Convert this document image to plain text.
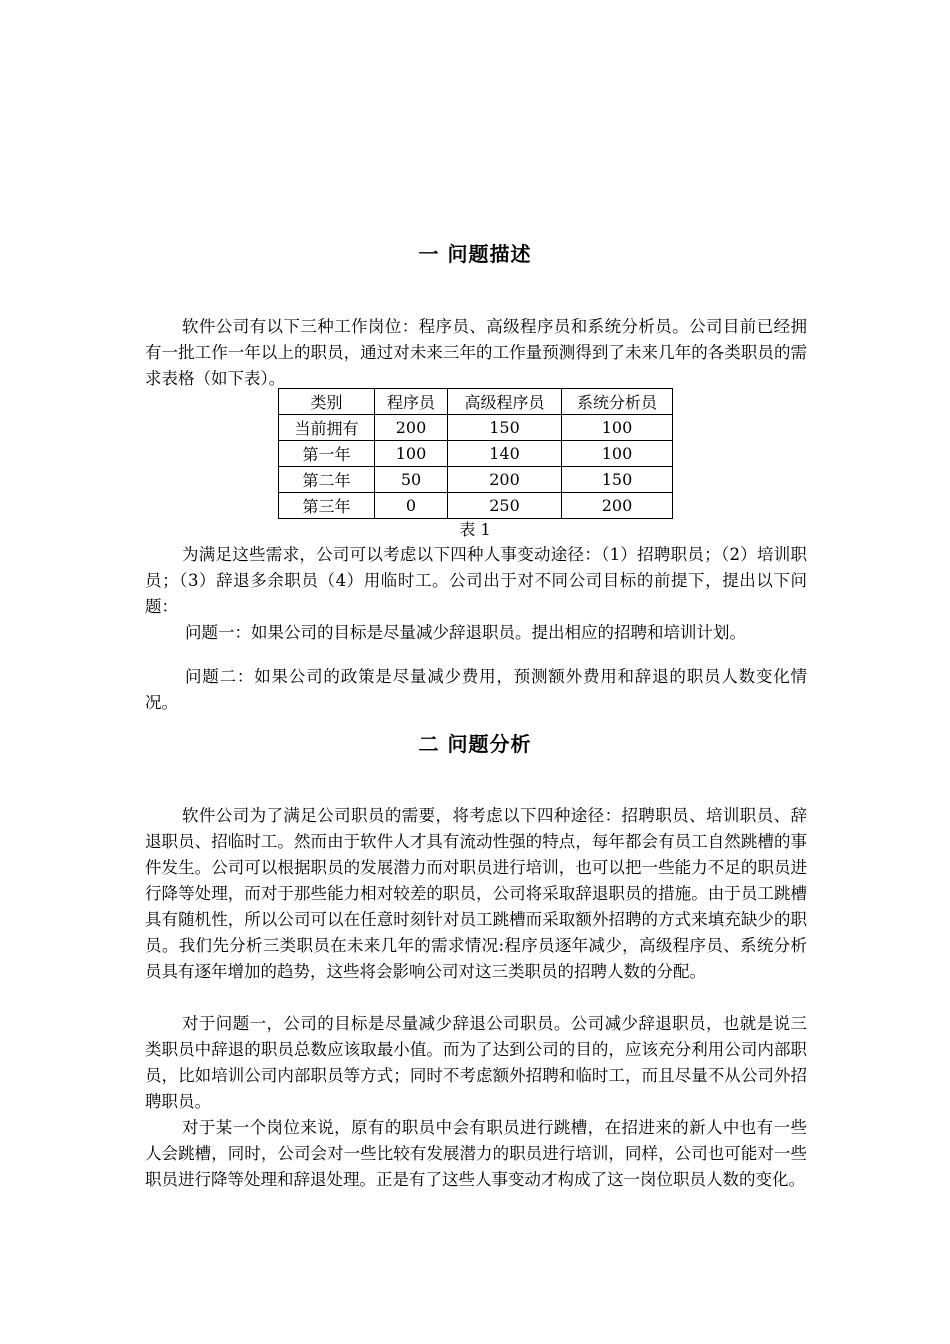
一 问题描述

软件公司有以下三种工作岗位：程序员、高级程序员和系统分析员。公司目前已经拥有一批工作一年以上的职员，通过对未来三年的工作量预测得到了未来几年的各类职员的需求表格（如下表）。

类别	程序员	高级程序员	系统分析员
当前拥有	200	150	100
第一年	100	140	100
第二年	50	200	150
第三年	0	250	200
表 1

为满足这些需求，公司可以考虑以下四种人事变动途径：（1）招聘职员；（2）培训职员；（3）辞退多余职员（4）用临时工。公司出于对不同公司目标的前提下，提出以下问题：

问题一：如果公司的目标是尽量减少辞退职员。提出相应的招聘和培训计划。

问题二：如果公司的政策是尽量减少费用，预测额外费用和辞退的职员人数变化情况。

二 问题分析

软件公司为了满足公司职员的需要，将考虑以下四种途径：招聘职员、培训职员、辞退职员、招临时工。然而由于软件人才具有流动性强的特点，每年都会有员工自然跳槽的事件发生。公司可以根据职员的发展潜力而对职员进行培训，也可以把一些能力不足的职员进行降等处理，而对于那些能力相对较差的职员，公司将采取辞退职员的措施。由于员工跳槽具有随机性，所以公司可以在任意时刻针对员工跳槽而采取额外招聘的方式来填充缺少的职员。我们先分析三类职员在未来几年的需求情况:程序员逐年减少，高级程序员、系统分析员具有逐年增加的趋势，这些将会影响公司对这三类职员的招聘人数的分配。

对于问题一，公司的目标是尽量减少辞退公司职员。公司减少辞退职员，也就是说三类职员中辞退的职员总数应该取最小值。而为了达到公司的目的，应该充分利用公司内部职员，比如培训公司内部职员等方式；同时不考虑额外招聘和临时工，而且尽量不从公司外招聘职员。

对于某一个岗位来说，原有的职员中会有职员进行跳槽，在招进来的新人中也有一些人会跳槽，同时，公司会对一些比较有发展潜力的职员进行培训，同样，公司也可能对一些职员进行降等处理和辞退处理。正是有了这些人事变动才构成了这一岗位职员人数的变化。
